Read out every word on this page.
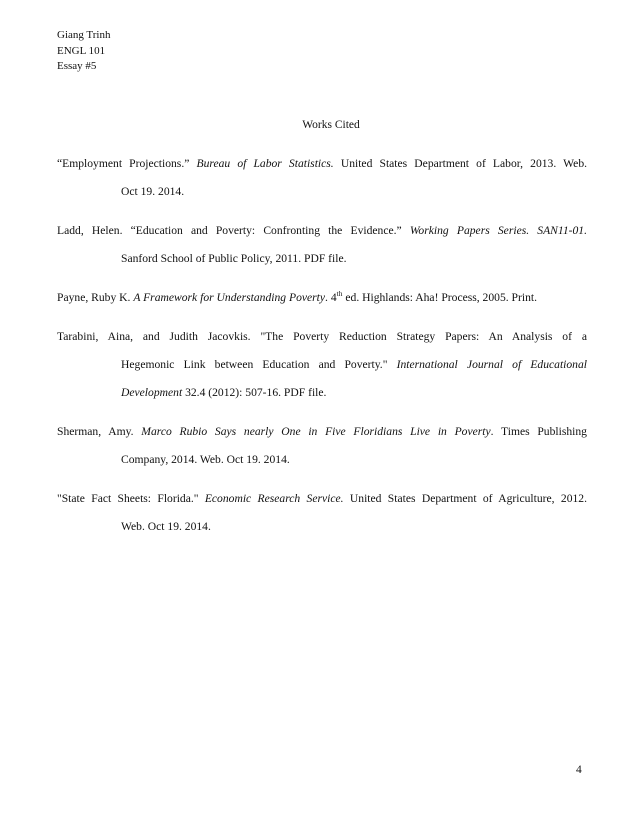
Giang Trinh
ENGL 101
Essay #5
Works Cited
“Employment Projections.” Bureau of Labor Statistics. United States Department of Labor, 2013. Web.
Oct 19. 2014.
Ladd, Helen. “Education and Poverty: Confronting the Evidence.” Working Papers Series. SAN11-01.
Sanford School of Public Policy, 2011. PDF file.
Payne, Ruby K. A Framework for Understanding Poverty. 4th ed. Highlands: Aha! Process, 2005. Print.
Tarabini, Aina, and Judith Jacovkis. "The Poverty Reduction Strategy Papers: An Analysis of a
Hegemonic Link between Education and Poverty." International Journal of Educational
Development 32.4 (2012): 507-16. PDF file.
Sherman, Amy. Marco Rubio Says nearly One in Five Floridians Live in Poverty. Times Publishing
Company, 2014. Web. Oct 19. 2014.
"State Fact Sheets: Florida." Economic Research Service. United States Department of Agriculture, 2012.
Web. Oct 19. 2014.
4
